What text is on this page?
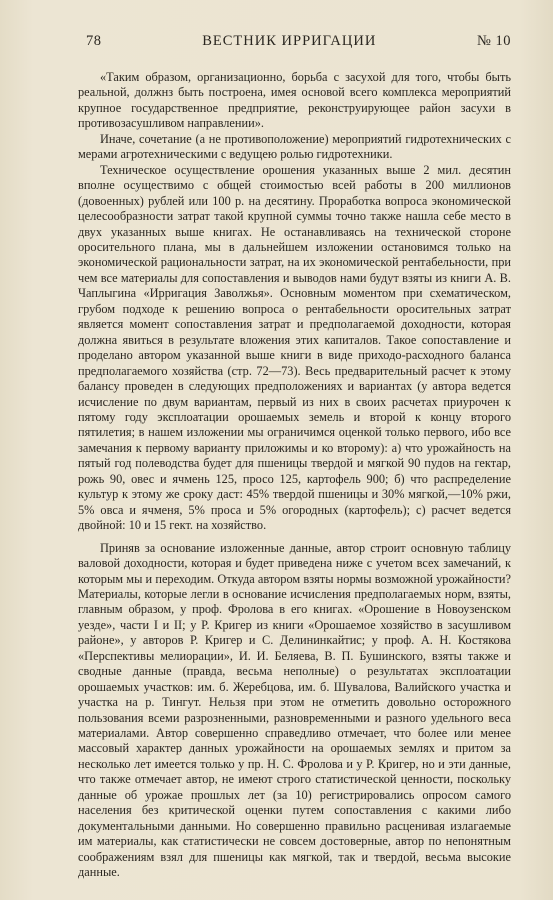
78	ВЕСТНИК ИРРИГАЦИИ	№ 10

«Таким образом, организационно, борьба с засухой для того, чтобы быть реальной, должнз быть построена, имея основой всего комплекса мероприятий крупное государственное предприятие, реконструирующее район засухи в противозасушливом направлении».

Иначе, сочетание (а не противоположение) мероприятий гидротехнических с мерами агротехническими с ведущею ролью гидротехники.

Техническое осуществление орошения указанных выше 2 мил. десятин вполне осуществимо с общей стоимостью всей работы в 200 миллионов (довоенных) рублей или 100 р. на десятину. Проработка вопроса экономической целесообразности затрат такой крупной суммы точно также нашла себе место в двух указанных выше книгах. Не останавливаясь на технической стороне оросительного плана, мы в дальнейшем изложении остановимся только на экономической рациональности затрат, на их экономической рентабельности, при чем все материалы для сопоставления и выводов нами будут взяты из книги А. В. Чаплыгина «Ирригация Заволжья». Основным моментом при схематическом, грубом подходе к решению вопроса о рентабельности оросительных затрат является момент сопоставления затрат и предполагаемой доходности, которая должна явиться в результате вложения этих капиталов. Такое сопоставление и проделано автором указанной выше книги в виде приходо-расходного баланса предполагаемого хозяйства (стр. 72—73). Весь предварительный расчет к этому балансу проведен в следующих предположениях и вариантах (у автора ведется исчисление по двум вариантам, первый из них в своих расчетах приурочен к пятому году эксплоатации орошаемых земель и второй к концу второго пятилетия; в нашем изложении мы ограничимся оценкой только первого, ибо все замечания к первому варианту приложимы и ко второму): а) что урожайность на пятый год полеводства будет для пшеницы твердой и мягкой 90 пудов на гектар, рожь 90, овес и ячмень 125, просо 125, картофель 900; б) что распределение культур к этому же сроку даст: 45% твердой пшеницы и 30% мягкой,—10% ржи, 5% овса и ячменя, 5% проса и 5% огородных (картофель); с) расчет ведется двойной: 10 и 15 гект. на хозяйство.

Приняв за основание изложенные данные, автор строит основную таблицу валовой доходности, которая и будет приведена ниже с учетом всех замечаний, к которым мы и переходим. Откуда автором взяты нормы возможной урожайности? Материалы, которые легли в основание исчисления предполагаемых норм, взяты, главным образом, у проф. Фролова в его книгах. «Орошение в Новоузенском уезде», части I и II; у Р. Кригер из книги «Орошаемое хозяйство в засушливом районе», у авторов Р. Кригер и С. Делининкайтис; у проф. А. Н. Костякова «Перспективы мелиорации», И. И. Беляева, В. П. Бушинского, взяты также и сводные данные (правда, весьма неполные) о результатах эксплоатации орошаемых участков: им. б. Жеребцова, им. б. Шувалова, Валийского участка и участка на р. Тингут. Нельзя при этом не отметить довольно осторожного пользования всеми разрозненными, разновременными и разного удельного веса материалами. Автор совершенно справедливо отмечает, что более или менее массовый характер данных урожайности на орошаемых землях и притом за несколько лет имеется только у пр. Н. С. Фролова и у Р. Кригер, но и эти данные, что также отмечает автор, не имеют строго статистической ценности, поскольку данные об урожае прошлых лет (за 10) регистрировались опросом самого населения без критической оценки путем сопоставления с какими либо документальными данными. Но совершенно правильно расценивая излагаемые им материалы, как статистически не совсем достоверные, автор по непонятным соображениям взял для пшеницы как мягкой, так и твердой, весьма высокие данные.
